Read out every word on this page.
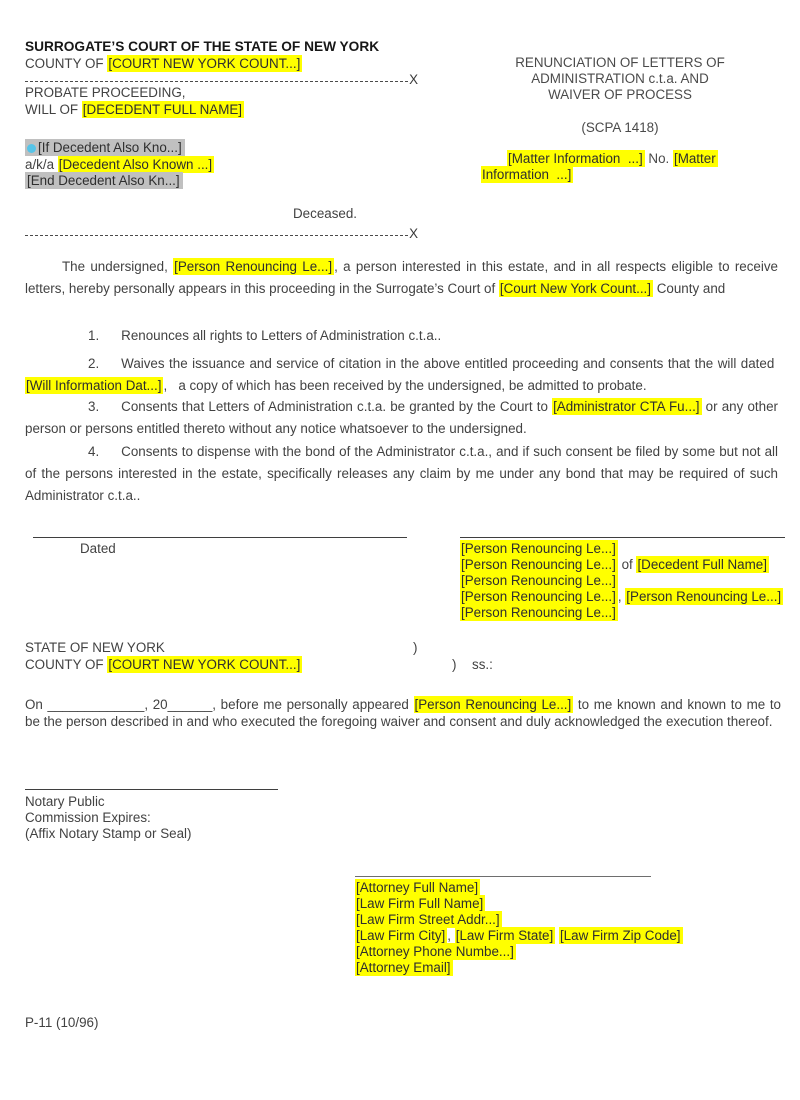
SURROGATE’S COURT OF THE STATE OF NEW YORK
COUNTY OF [COURT NEW YORK COUNT...]
X
PROBATE PROCEEDING,
WILL OF [DECEDENT FULL NAME]
[If Decedent Also Kno...]
a/k/a [Decedent Also Known ...]
[End Decedent Also Kn...]
Deceased.
X
RENUNCIATION OF LETTERS OF
ADMINISTRATION c.t.a. AND
WAIVER OF PROCESS
(SCPA 1418)
[Matter Information  ...] No. [Matter
Information  ...]
The undersigned, [Person Renouncing Le...] , a person interested in this estate, and in all respects eligible to receive letters, hereby personally appears in this proceeding in the Surrogate’s Court of [Court New York Count...] County and

1. Renounces all rights to Letters of Administration c.t.a..

2. Waives the issuance and service of citation in the above entitled proceeding and consents that the will dated  [Will Information Dat...] ,   a copy of which has been received by the undersigned, be admitted to probate.

3. Consents that Letters of Administration c.t.a. be granted by the Court to [Administrator CTA Fu...] or any other person or persons entitled thereto without any notice whatsoever to the undersigned.

4. Consents to dispense with the bond of the Administrator c.t.a., and if such consent be filed by some but not all of the persons interested in the estate, specifically releases any claim by me under any bond that may be required of such Administrator c.t.a..

Dated	[Person Renouncing Le...]
[Person Renouncing Le...] of [Decedent Full Name]
[Person Renouncing Le...]
[Person Renouncing Le...] , [Person Renouncing Le...]
[Person Renouncing Le...]
STATE OF NEW YORK	)
COUNTY OF [COURT NEW YORK COUNT...]	) ss.:
On _____________, 20______, before me personally appeared [Person Renouncing Le...] to me known and known to me to be the person described in and who executed the foregoing waiver and consent and duly acknowledged the execution thereof.
Notary Public
Commission Expires:
(Affix Notary Stamp or Seal)
[Attorney Full Name]
[Law Firm Full Name]
[Law Firm Street Addr...]
[Law Firm City] , [Law Firm State] [Law Firm Zip Code]
[Attorney Phone Numbe...]
[Attorney Email]
P-11 (10/96)
